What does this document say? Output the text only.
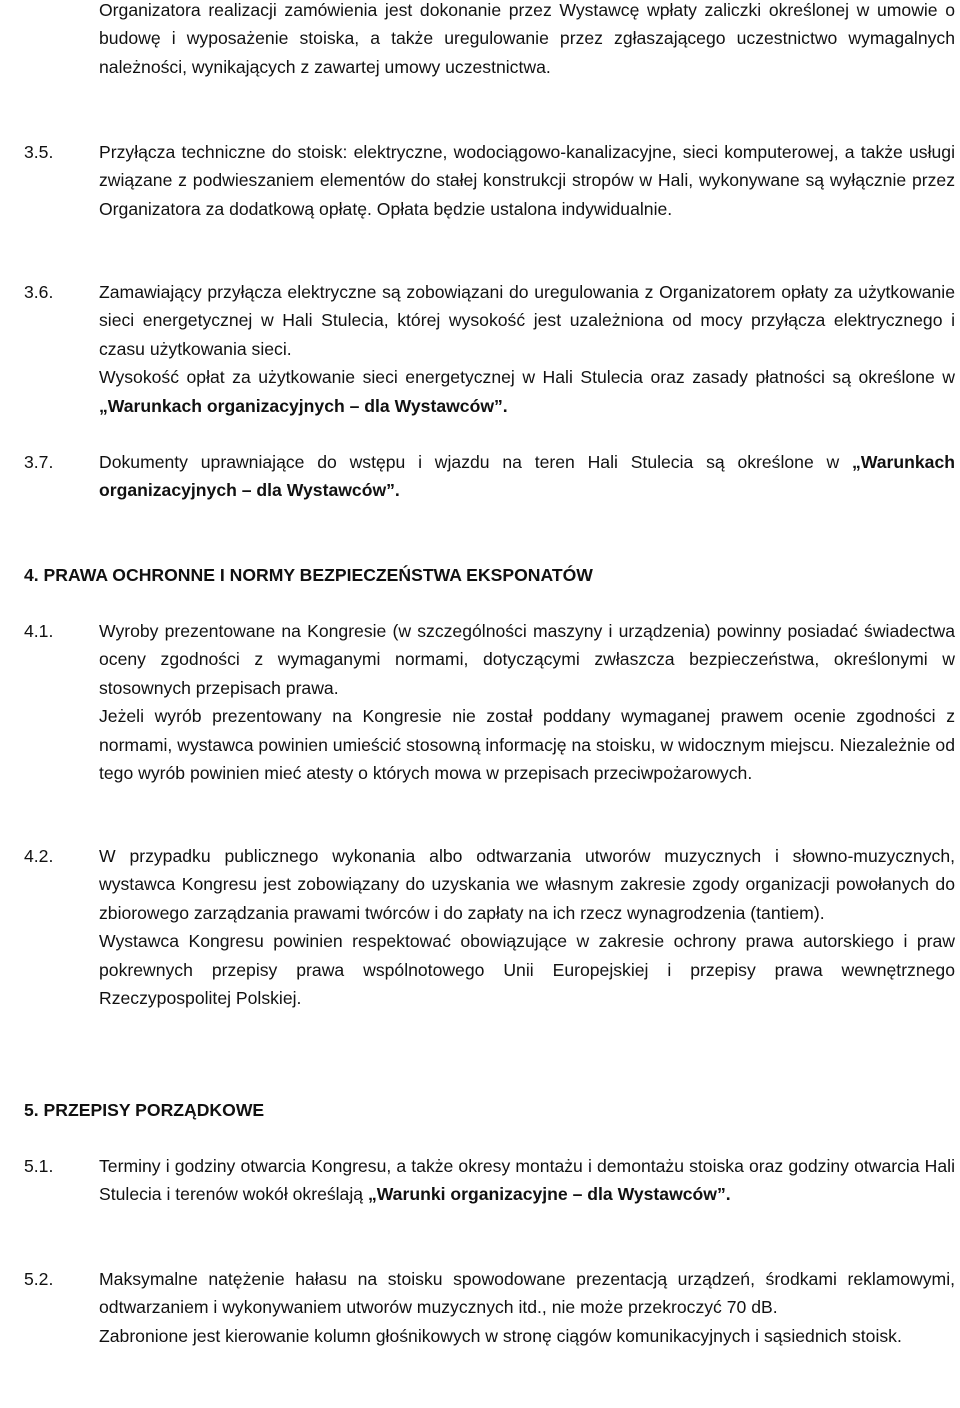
Organizatora realizacji zamówienia jest dokonanie przez Wystawcę wpłaty zaliczki określonej w umowie o budowę i wyposażenie stoiska, a także uregulowanie przez zgłaszającego uczestnictwo wymagalnych należności, wynikających z zawartej umowy uczestnictwa.
3.5.	Przyłącza techniczne do stoisk: elektryczne, wodociągowo-kanalizacyjne, sieci komputerowej, a także usługi związane z podwieszaniem elementów do stałej konstrukcji stropów w Hali, wykonywane są wyłącznie przez Organizatora za dodatkową opłatę. Opłata będzie ustalona indywidualnie.
3.6.	Zamawiający przyłącza elektryczne są zobowiązani do uregulowania z Organizatorem opłaty za użytkowanie sieci energetycznej w Hali Stulecia, której wysokość jest uzależniona od mocy przyłącza elektrycznego i czasu użytkowania sieci.
Wysokość opłat za użytkowanie sieci energetycznej w Hali Stulecia oraz zasady płatności są określone w „Warunkach organizacyjnych – dla Wystawców”.
3.7.	Dokumenty uprawniające do wstępu i wjazdu na teren Hali Stulecia są określone w „Warunkach organizacyjnych – dla Wystawców”.
4. PRAWA OCHRONNE I NORMY BEZPIECZEŃSTWA EKSPONATÓW
4.1.	Wyroby prezentowane na Kongresie (w szczególności maszyny i urządzenia) powinny posiadać świadectwa oceny zgodności z wymaganymi normami, dotyczącymi zwłaszcza bezpieczeństwa, określonymi w stosownych przepisach prawa.
Jeżeli wyrób prezentowany na Kongresie nie został poddany wymaganej prawem ocenie zgodności z normami, wystawca powinien umieścić stosowną informację na stoisku, w widocznym miejscu. Niezależnie od tego wyrób powinien mieć atesty o których mowa w przepisach przeciwpożarowych.
4.2.	W przypadku publicznego wykonania albo odtwarzania utworów muzycznych i słowno-muzycznych, wystawca Kongresu jest zobowiązany do uzyskania we własnym zakresie zgody organizacji powołanych do zbiorowego zarządzania prawami twórców i do zapłaty na ich rzecz wynagrodzenia (tantiem).
Wystawca Kongresu powinien respektować obowiązujące w zakresie ochrony prawa autorskiego i praw pokrewnych przepisy prawa wspólnotowego Unii Europejskiej i przepisy prawa wewnętrznego Rzeczypospolitej Polskiej.
5. PRZEPISY PORZĄDKOWE
5.1.	Terminy i godziny otwarcia Kongresu, a także okresy montażu i demontażu stoiska oraz godziny otwarcia Hali Stulecia i terenów wokół określają „Warunki organizacyjne – dla Wystawców”.
5.2.	Maksymalne natężenie hałasu na stoisku spowodowane prezentacją urządzeń, środkami reklamowymi, odtwarzaniem i wykonywaniem utworów muzycznych itd., nie może przekroczyć 70 dB.
Zabronione jest kierowanie kolumn głośnikowych w stronę ciągów komunikacyjnych i sąsiednich stoisk.
